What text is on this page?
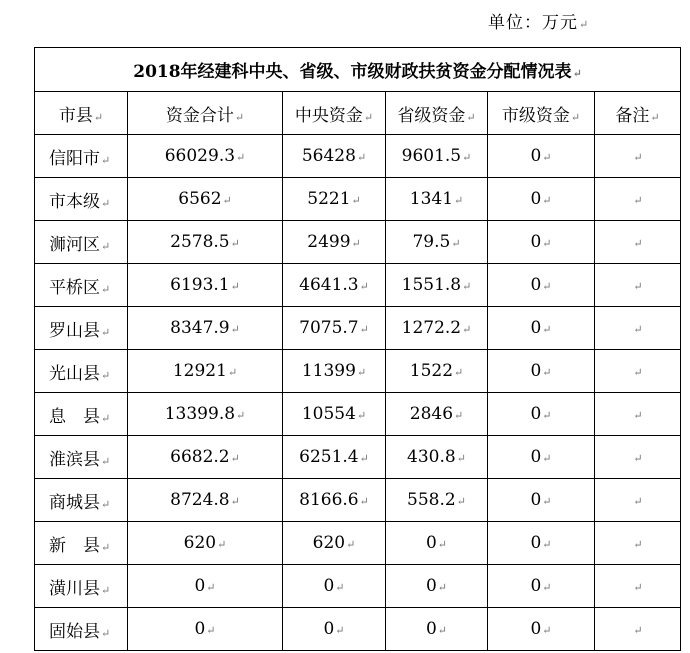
单位：万元↵
2018年经建科中央、省级、市级财政扶贫资金分配情况表↵					
市县↵	资金合计↵	中央资金↵	省级资金↵	市级资金↵	备注↵
信阳市↵	66029.3↵	56428↵	9601.5↵	0↵	↵
市本级↵	6562↵	5221↵	1341↵	0↵	↵
浉河区↵	2578.5↵	2499↵	79.5↵	0↵	↵
平桥区↵	6193.1↵	4641.3↵	1551.8↵	0↵	↵
罗山县↵	8347.9↵	7075.7↵	1272.2↵	0↵	↵
光山县↵	12921↵	11399↵	1522↵	0↵	↵
息　县↵	13399.8↵	10554↵	2846↵	0↵	↵
淮滨县↵	6682.2↵	6251.4↵	430.8↵	0↵	↵
商城县↵	8724.8↵	8166.6↵	558.2↵	0↵	↵
新　县↵	620↵	620↵	0↵	0↵	↵
潢川县↵	0↵	0↵	0↵	0↵	↵
固始县↵	0↵	0↵	0↵	0↵	↵
